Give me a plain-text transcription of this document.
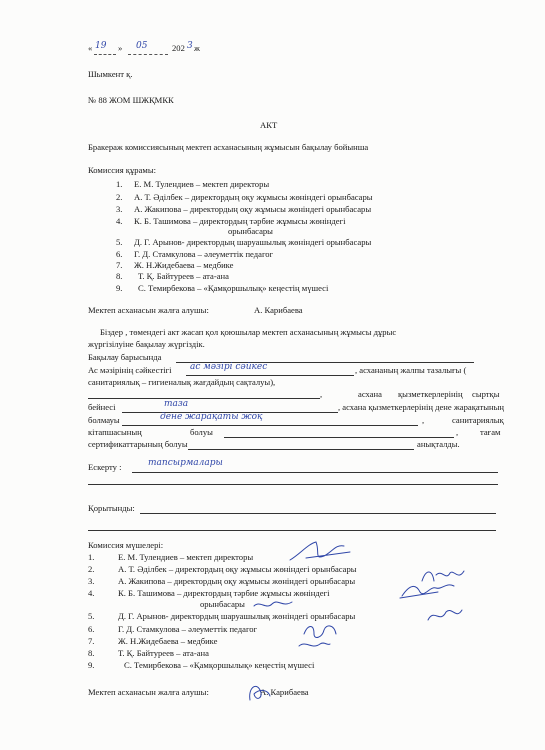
« 19 » 05	202 3 ж
Шымкент қ.
№ 88 ЖОМ ШЖҚМКК
АКТ
Бракераж комиссиясының мектеп асханасының жұмысын бақылау бойынша
Комиссия құрамы:
1. Е. М. Тулендиев – мектеп директоры
2. А. Т. Әділбек – директордың оқу жұмысы жөніндегі орынбасары
3. А. Жакипова – директордың оқу жұмысы жөніндегі орынбасары
4. К. Б. Ташимова – директордың тәрбие жұмысы жөніндегі
орынбасары
5. Д. Г. Арынов- директордың шаруашылық жөніндегі орынбасары
6. Г. Д. Стамкулова – әлеуметтік педагог
7. Ж. Н.Жидебаева – медбике
8. Т. Қ. Байтуреев – ата-ана
9. С. Темирбекова – «Қамқоршылық» кеңестің мүшесі
Мектеп асханасын жалға алушы:	А. Карибаева
Біздер , төмендегі акт жасап қол қоюшылар мектеп асханасының жұмысы дұрыс
жүргізілуіне бақылау жүргіздік.
Бақылау барысында
Ас мәзірінің сәйкестігі ас мәзірі сәйкес	, асхананың жалпы тазалығы (
санитариялық – гигиеналық жағдайдың сақталуы),
,	асхана қызметкерлерінің сыртқы
бейнесі	таза	, асхана қызметкерлерінің дене жарақатының
болмауы	дене жарақаты жоқ	,	санитариялық
кітапшасының	болуы	,	тағам
сертификаттарының болуы	анықталды.
Ескерту :	тапсырмалары
Қорытынды:
Комиссия мүшелері:
1.	Е. М. Тулендиев – мектеп директоры
2.	А. Т. Әділбек – директордың оқу жұмысы жөніндегі орынбасары
3.	А. Жакипова – директордың оқу жұмысы жөніндегі орынбасары
4.	К. Б. Ташимова – директордың тәрбие жұмысы жөніндегі
орынбасары
5.	Д. Г. Арынов- директордың шаруашылық жөніндегі орынбасары
6.	Г. Д. Стамкулова – әлеуметтік педагог
7.	Ж. Н.Жидебаева – медбике
8.	Т. Қ. Байтуреев – ата-ана
9.	С. Темирбекова – «Қамқоршылық» кеңестің мүшесі
Мектеп асханасын жалға алушы:	А. Карибаева
